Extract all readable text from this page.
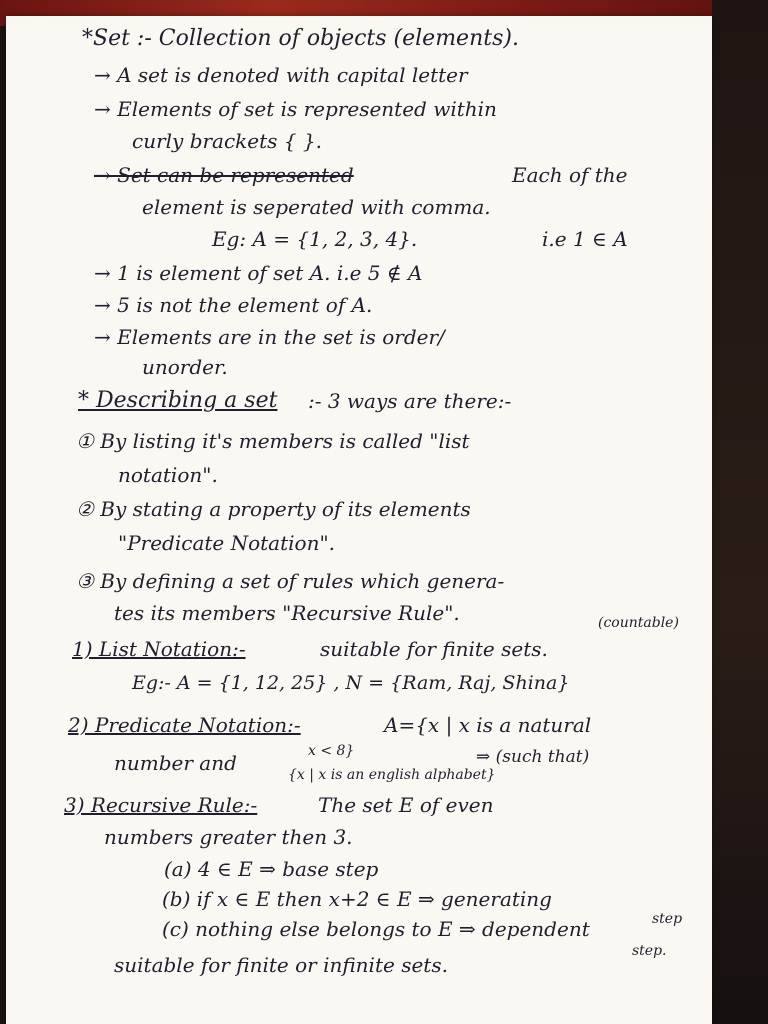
*Set :- Collection of objects (elements).
→ A set is denoted with capital letter
→ Elements of set is represented within
curly brackets { }.
→ Set can be represented	Each of the
element is seperated with comma.
Eg: A = {1, 2, 3, 4}.	i.e 1 ∈ A
→ 1 is element of set A. i.e 5 ∉ A
→ 5 is not the element of A.
→ Elements are in the set is order/
unorder.
* Describing a set :- 3 ways are there:-
① By listing it's members is called "list
notation".
② By stating a property of its elements
"Predicate Notation".
③ By defining a set of rules which genera-
tes its members "Recursive Rule".	(countable)
1) List Notation:-	suitable for finite sets.
Eg:- A = {1, 12, 25} , N = {Ram, Raj, Shina}
2) Predicate Notation:-	A={x | x is a natural
x < 8}
number and	{x | x is an english alphabet}
⇒ (such that)
3) Recursive Rule:-	The set E of even
numbers greater then 3.
(a) 4 ∈ E ⇒ base step
(b) if x ∈ E then x+2 ∈ E ⇒ generating
step
(c) nothing else belongs to E ⇒ dependent
step.
suitable for finite or infinite sets.
